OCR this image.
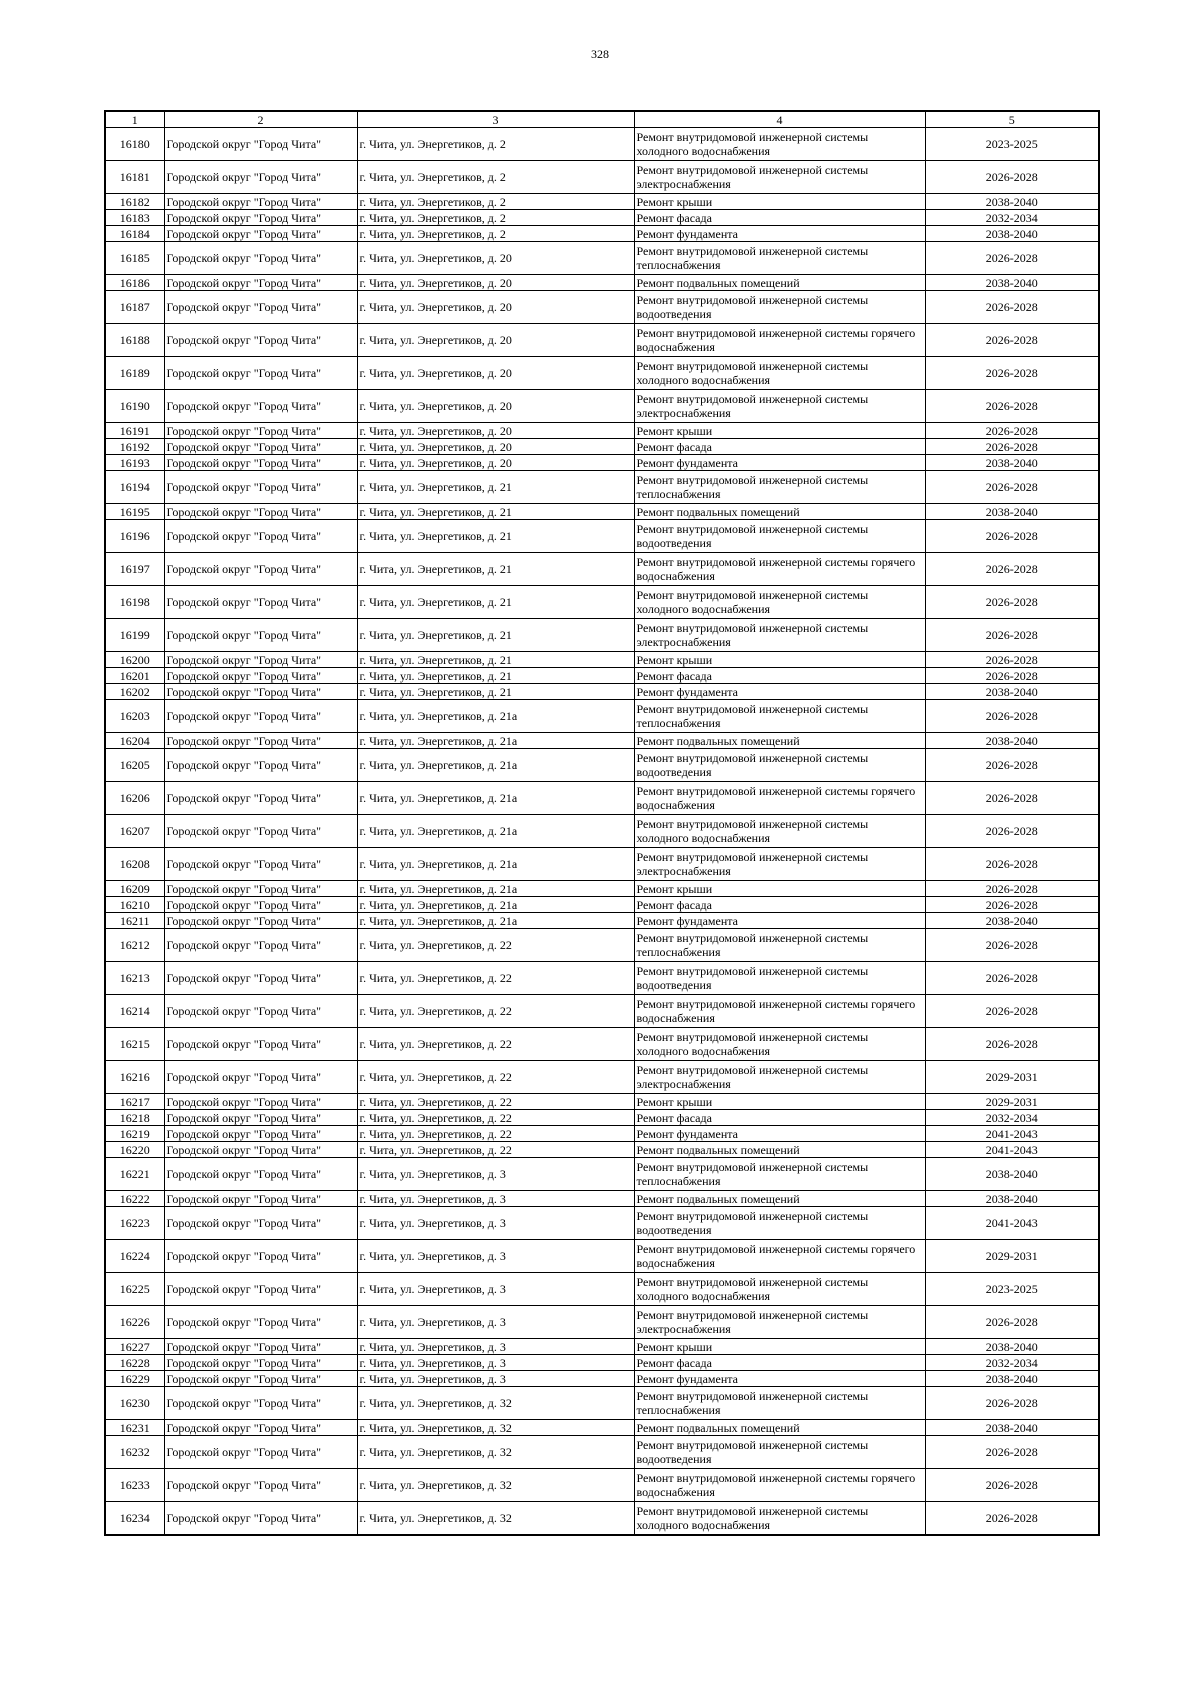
328
1	2	3	4	5
16180	Городской округ "Город Чита"	г. Чита, ул. Энергетиков, д. 2	Ремонт внутридомовой инженерной системы холодного водоснабжения	2023-2025
16181	Городской округ "Город Чита"	г. Чита, ул. Энергетиков, д. 2	Ремонт внутридомовой инженерной системы электроснабжения	2026-2028
16182	Городской округ "Город Чита"	г. Чита, ул. Энергетиков, д. 2	Ремонт крыши	2038-2040
16183	Городской округ "Город Чита"	г. Чита, ул. Энергетиков, д. 2	Ремонт фасада	2032-2034
16184	Городской округ "Город Чита"	г. Чита, ул. Энергетиков, д. 2	Ремонт фундамента	2038-2040
16185	Городской округ "Город Чита"	г. Чита, ул. Энергетиков, д. 20	Ремонт внутридомовой инженерной системы теплоснабжения	2026-2028
16186	Городской округ "Город Чита"	г. Чита, ул. Энергетиков, д. 20	Ремонт подвальных помещений	2038-2040
16187	Городской округ "Город Чита"	г. Чита, ул. Энергетиков, д. 20	Ремонт внутридомовой инженерной системы водоотведения	2026-2028
16188	Городской округ "Город Чита"	г. Чита, ул. Энергетиков, д. 20	Ремонт внутридомовой инженерной системы горячего водоснабжения	2026-2028
16189	Городской округ "Город Чита"	г. Чита, ул. Энергетиков, д. 20	Ремонт внутридомовой инженерной системы холодного водоснабжения	2026-2028
16190	Городской округ "Город Чита"	г. Чита, ул. Энергетиков, д. 20	Ремонт внутридомовой инженерной системы электроснабжения	2026-2028
16191	Городской округ "Город Чита"	г. Чита, ул. Энергетиков, д. 20	Ремонт крыши	2026-2028
16192	Городской округ "Город Чита"	г. Чита, ул. Энергетиков, д. 20	Ремонт фасада	2026-2028
16193	Городской округ "Город Чита"	г. Чита, ул. Энергетиков, д. 20	Ремонт фундамента	2038-2040
16194	Городской округ "Город Чита"	г. Чита, ул. Энергетиков, д. 21	Ремонт внутридомовой инженерной системы теплоснабжения	2026-2028
16195	Городской округ "Город Чита"	г. Чита, ул. Энергетиков, д. 21	Ремонт подвальных помещений	2038-2040
16196	Городской округ "Город Чита"	г. Чита, ул. Энергетиков, д. 21	Ремонт внутридомовой инженерной системы водоотведения	2026-2028
16197	Городской округ "Город Чита"	г. Чита, ул. Энергетиков, д. 21	Ремонт внутридомовой инженерной системы горячего водоснабжения	2026-2028
16198	Городской округ "Город Чита"	г. Чита, ул. Энергетиков, д. 21	Ремонт внутридомовой инженерной системы холодного водоснабжения	2026-2028
16199	Городской округ "Город Чита"	г. Чита, ул. Энергетиков, д. 21	Ремонт внутридомовой инженерной системы электроснабжения	2026-2028
16200	Городской округ "Город Чита"	г. Чита, ул. Энергетиков, д. 21	Ремонт крыши	2026-2028
16201	Городской округ "Город Чита"	г. Чита, ул. Энергетиков, д. 21	Ремонт фасада	2026-2028
16202	Городской округ "Город Чита"	г. Чита, ул. Энергетиков, д. 21	Ремонт фундамента	2038-2040
16203	Городской округ "Город Чита"	г. Чита, ул. Энергетиков, д. 21а	Ремонт внутридомовой инженерной системы теплоснабжения	2026-2028
16204	Городской округ "Город Чита"	г. Чита, ул. Энергетиков, д. 21а	Ремонт подвальных помещений	2038-2040
16205	Городской округ "Город Чита"	г. Чита, ул. Энергетиков, д. 21а	Ремонт внутридомовой инженерной системы водоотведения	2026-2028
16206	Городской округ "Город Чита"	г. Чита, ул. Энергетиков, д. 21а	Ремонт внутридомовой инженерной системы горячего водоснабжения	2026-2028
16207	Городской округ "Город Чита"	г. Чита, ул. Энергетиков, д. 21а	Ремонт внутридомовой инженерной системы холодного водоснабжения	2026-2028
16208	Городской округ "Город Чита"	г. Чита, ул. Энергетиков, д. 21а	Ремонт внутридомовой инженерной системы электроснабжения	2026-2028
16209	Городской округ "Город Чита"	г. Чита, ул. Энергетиков, д. 21а	Ремонт крыши	2026-2028
16210	Городской округ "Город Чита"	г. Чита, ул. Энергетиков, д. 21а	Ремонт фасада	2026-2028
16211	Городской округ "Город Чита"	г. Чита, ул. Энергетиков, д. 21а	Ремонт фундамента	2038-2040
16212	Городской округ "Город Чита"	г. Чита, ул. Энергетиков, д. 22	Ремонт внутридомовой инженерной системы теплоснабжения	2026-2028
16213	Городской округ "Город Чита"	г. Чита, ул. Энергетиков, д. 22	Ремонт внутридомовой инженерной системы водоотведения	2026-2028
16214	Городской округ "Город Чита"	г. Чита, ул. Энергетиков, д. 22	Ремонт внутридомовой инженерной системы горячего водоснабжения	2026-2028
16215	Городской округ "Город Чита"	г. Чита, ул. Энергетиков, д. 22	Ремонт внутридомовой инженерной системы холодного водоснабжения	2026-2028
16216	Городской округ "Город Чита"	г. Чита, ул. Энергетиков, д. 22	Ремонт внутридомовой инженерной системы электроснабжения	2029-2031
16217	Городской округ "Город Чита"	г. Чита, ул. Энергетиков, д. 22	Ремонт крыши	2029-2031
16218	Городской округ "Город Чита"	г. Чита, ул. Энергетиков, д. 22	Ремонт фасада	2032-2034
16219	Городской округ "Город Чита"	г. Чита, ул. Энергетиков, д. 22	Ремонт фундамента	2041-2043
16220	Городской округ "Город Чита"	г. Чита, ул. Энергетиков, д. 22	Ремонт подвальных помещений	2041-2043
16221	Городской округ "Город Чита"	г. Чита, ул. Энергетиков, д. 3	Ремонт внутридомовой инженерной системы теплоснабжения	2038-2040
16222	Городской округ "Город Чита"	г. Чита, ул. Энергетиков, д. 3	Ремонт подвальных помещений	2038-2040
16223	Городской округ "Город Чита"	г. Чита, ул. Энергетиков, д. 3	Ремонт внутридомовой инженерной системы водоотведения	2041-2043
16224	Городской округ "Город Чита"	г. Чита, ул. Энергетиков, д. 3	Ремонт внутридомовой инженерной системы горячего водоснабжения	2029-2031
16225	Городской округ "Город Чита"	г. Чита, ул. Энергетиков, д. 3	Ремонт внутридомовой инженерной системы холодного водоснабжения	2023-2025
16226	Городской округ "Город Чита"	г. Чита, ул. Энергетиков, д. 3	Ремонт внутридомовой инженерной системы электроснабжения	2026-2028
16227	Городской округ "Город Чита"	г. Чита, ул. Энергетиков, д. 3	Ремонт крыши	2038-2040
16228	Городской округ "Город Чита"	г. Чита, ул. Энергетиков, д. 3	Ремонт фасада	2032-2034
16229	Городской округ "Город Чита"	г. Чита, ул. Энергетиков, д. 3	Ремонт фундамента	2038-2040
16230	Городской округ "Город Чита"	г. Чита, ул. Энергетиков, д. 32	Ремонт внутридомовой инженерной системы теплоснабжения	2026-2028
16231	Городской округ "Город Чита"	г. Чита, ул. Энергетиков, д. 32	Ремонт подвальных помещений	2038-2040
16232	Городской округ "Город Чита"	г. Чита, ул. Энергетиков, д. 32	Ремонт внутридомовой инженерной системы водоотведения	2026-2028
16233	Городской округ "Город Чита"	г. Чита, ул. Энергетиков, д. 32	Ремонт внутридомовой инженерной системы горячего водоснабжения	2026-2028
16234	Городской округ "Город Чита"	г. Чита, ул. Энергетиков, д. 32	Ремонт внутридомовой инженерной системы холодного водоснабжения	2026-2028
